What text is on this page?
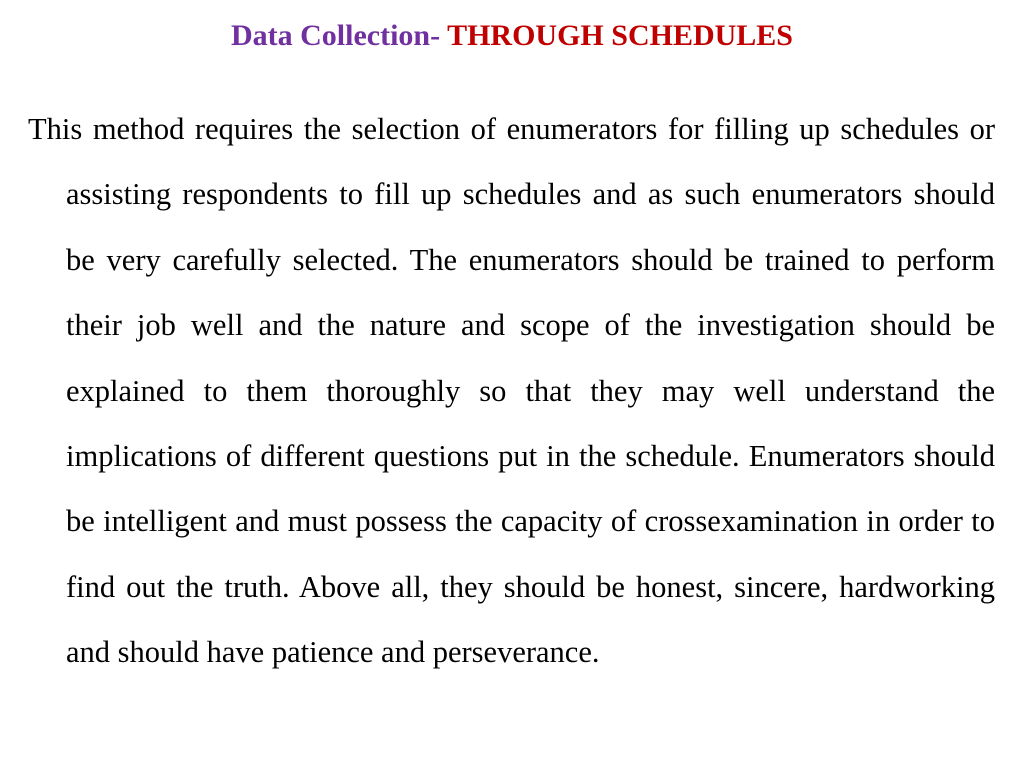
Data Collection- THROUGH SCHEDULES
This method requires the selection of enumerators for filling up schedules or assisting respondents to fill up schedules and as such enumerators should be very carefully selected. The enumerators should be trained to perform their job well and the nature and scope of the investigation should be explained to them thoroughly so that they may well understand the implications of different questions put in the schedule. Enumerators should be intelligent and must possess the capacity of crossexamination in order to find out the truth. Above all, they should be honest, sincere, hardworking and should have patience and perseverance.
